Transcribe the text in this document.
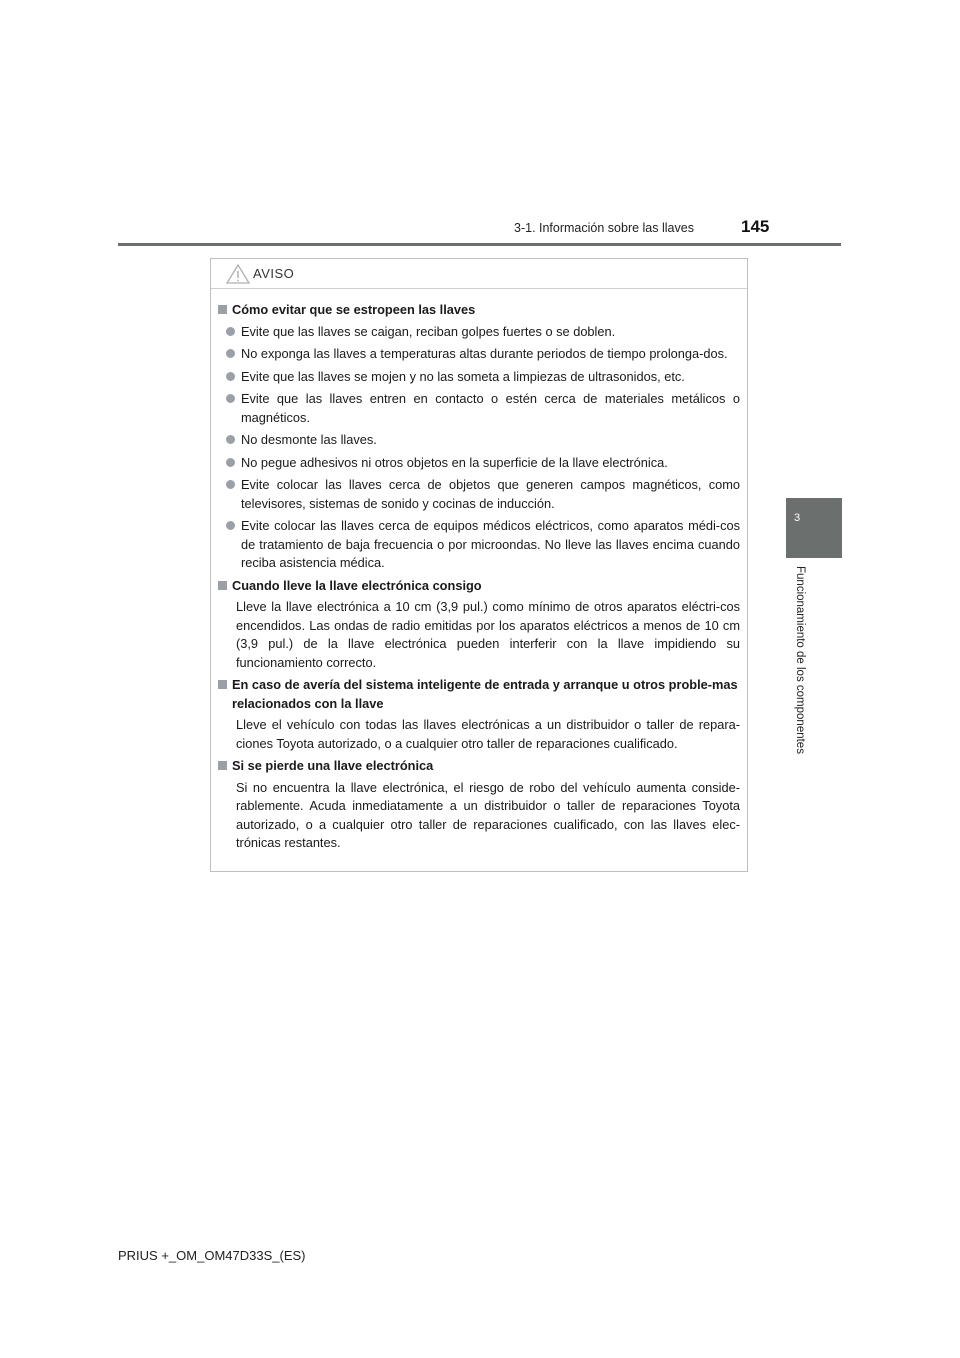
3-1. Información sobre las llaves	145
3
Funcionamiento de los componentes
AVISO
Cómo evitar que se estropeen las llaves
Evite que las llaves se caigan, reciban golpes fuertes o se doblen.
No exponga las llaves a temperaturas altas durante periodos de tiempo prolonga-dos.
Evite que las llaves se mojen y no las someta a limpiezas de ultrasonidos, etc.
Evite que las llaves entren en contacto o estén cerca de materiales metálicos o magnéticos.
No desmonte las llaves.
No pegue adhesivos ni otros objetos en la superficie de la llave electrónica.
Evite colocar las llaves cerca de objetos que generen campos magnéticos, como televisores, sistemas de sonido y cocinas de inducción.
Evite colocar las llaves cerca de equipos médicos eléctricos, como aparatos médi-cos de tratamiento de baja frecuencia o por microondas. No lleve las llaves encima cuando reciba asistencia médica.
Cuando lleve la llave electrónica consigo
Lleve la llave electrónica a 10 cm (3,9 pul.) como mínimo de otros aparatos eléctri-cos encendidos. Las ondas de radio emitidas por los aparatos eléctricos a menos de 10 cm (3,9 pul.) de la llave electrónica pueden interferir con la llave impidiendo su funcionamiento correcto.
En caso de avería del sistema inteligente de entrada y arranque u otros proble-mas relacionados con la llave
Lleve el vehículo con todas las llaves electrónicas a un distribuidor o taller de repara-ciones Toyota autorizado, o a cualquier otro taller de reparaciones cualificado.
Si se pierde una llave electrónica
Si no encuentra la llave electrónica, el riesgo de robo del vehículo aumenta conside-rablemente. Acuda inmediatamente a un distribuidor o taller de reparaciones Toyota autorizado, o a cualquier otro taller de reparaciones cualificado, con las llaves elec-trónicas restantes.
PRIUS +_OM_OM47D33S_(ES)
